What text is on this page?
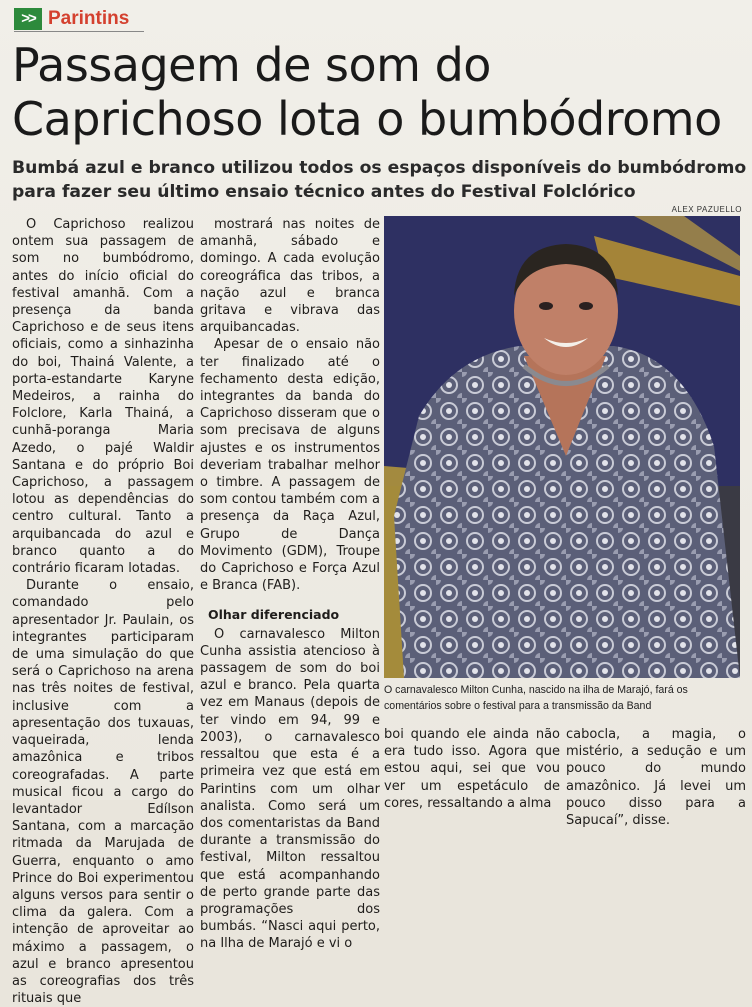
>> Parintins
Passagem de som do Caprichoso lota o bumbódromo
Bumbá azul e branco utilizou todos os espaços disponíveis do bumbódromo para fazer seu último ensaio técnico antes do Festival Folclórico
ALEX PAZUELLO

O Caprichoso realizou ontem sua passagem de som no bumbódromo, antes do início oficial do festival amanhã. Com a presença da banda Caprichoso e de seus itens oficiais, como a sinhazinha do boi, Thainá Valente, a porta-estandarte Karyne Medeiros, a rainha do Folclore, Karla Thainá, a cunhã-poranga Maria Azedo, o pajé Waldir Santana e do próprio Boi Caprichoso, a passagem lotou as dependências do centro cultural. Tanto a arquibancada do azul e branco quanto a do contrário ficaram lotadas.

Durante o ensaio, comandado pelo apresentador Jr. Paulain, os integrantes participaram de uma simulação do que será o Caprichoso na arena nas três noites de festival, inclusive com a apresentação dos tuxauas, vaqueirada, lenda amazônica e tribos coreografadas. A parte musical ficou a cargo do levantador Edílson Santana, com a marcação ritmada da Marujada de Guerra, enquanto o amo Prince do Boi experimentou alguns versos para sentir o clima da galera. Com a intenção de aproveitar ao máximo a passagem, o azul e branco apresentou as coreografias dos três rituais que

mostrará nas noites de amanhã, sábado e domingo. A cada evolução coreográfica das tribos, a nação azul e branca gritava e vibrava das arquibancadas.

Apesar de o ensaio não ter finalizado até o fechamento desta edição, integrantes da banda do Caprichoso disseram que o som precisava de alguns ajustes e os instrumentos deveriam trabalhar melhor o timbre. A passagem de som contou também com a presença da Raça Azul, Grupo de Dança Movimento (GDM), Troupe do Caprichoso e Força Azul e Branca (FAB).

Olhar diferenciado

O carnavalesco Milton Cunha assistia atencioso à passagem de som do boi azul e branco. Pela quarta vez em Manaus (depois de ter vindo em 94, 99 e 2003), o carnavalesco ressaltou que esta é a primeira vez que está em Parintins com um olhar analista. Como será um dos comentaristas da Band durante a transmissão do festival, Milton ressaltou que está acompanhando de perto grande parte das programações dos bumbás. “Nasci aqui perto, na Ilha de Marajó e vi o

O carnavalesco Milton Cunha, nascido na ilha de Marajó, fará os comentários sobre o festival para a transmissão da Band

boi quando ele ainda não era tudo isso. Agora que estou aqui, sei que vou ver um espetáculo de cores, ressaltando a alma

cabocla, a magia, o mistério, a sedução e um pouco do mundo amazônico. Já levei um pouco disso para a Sapucaí”, disse.
